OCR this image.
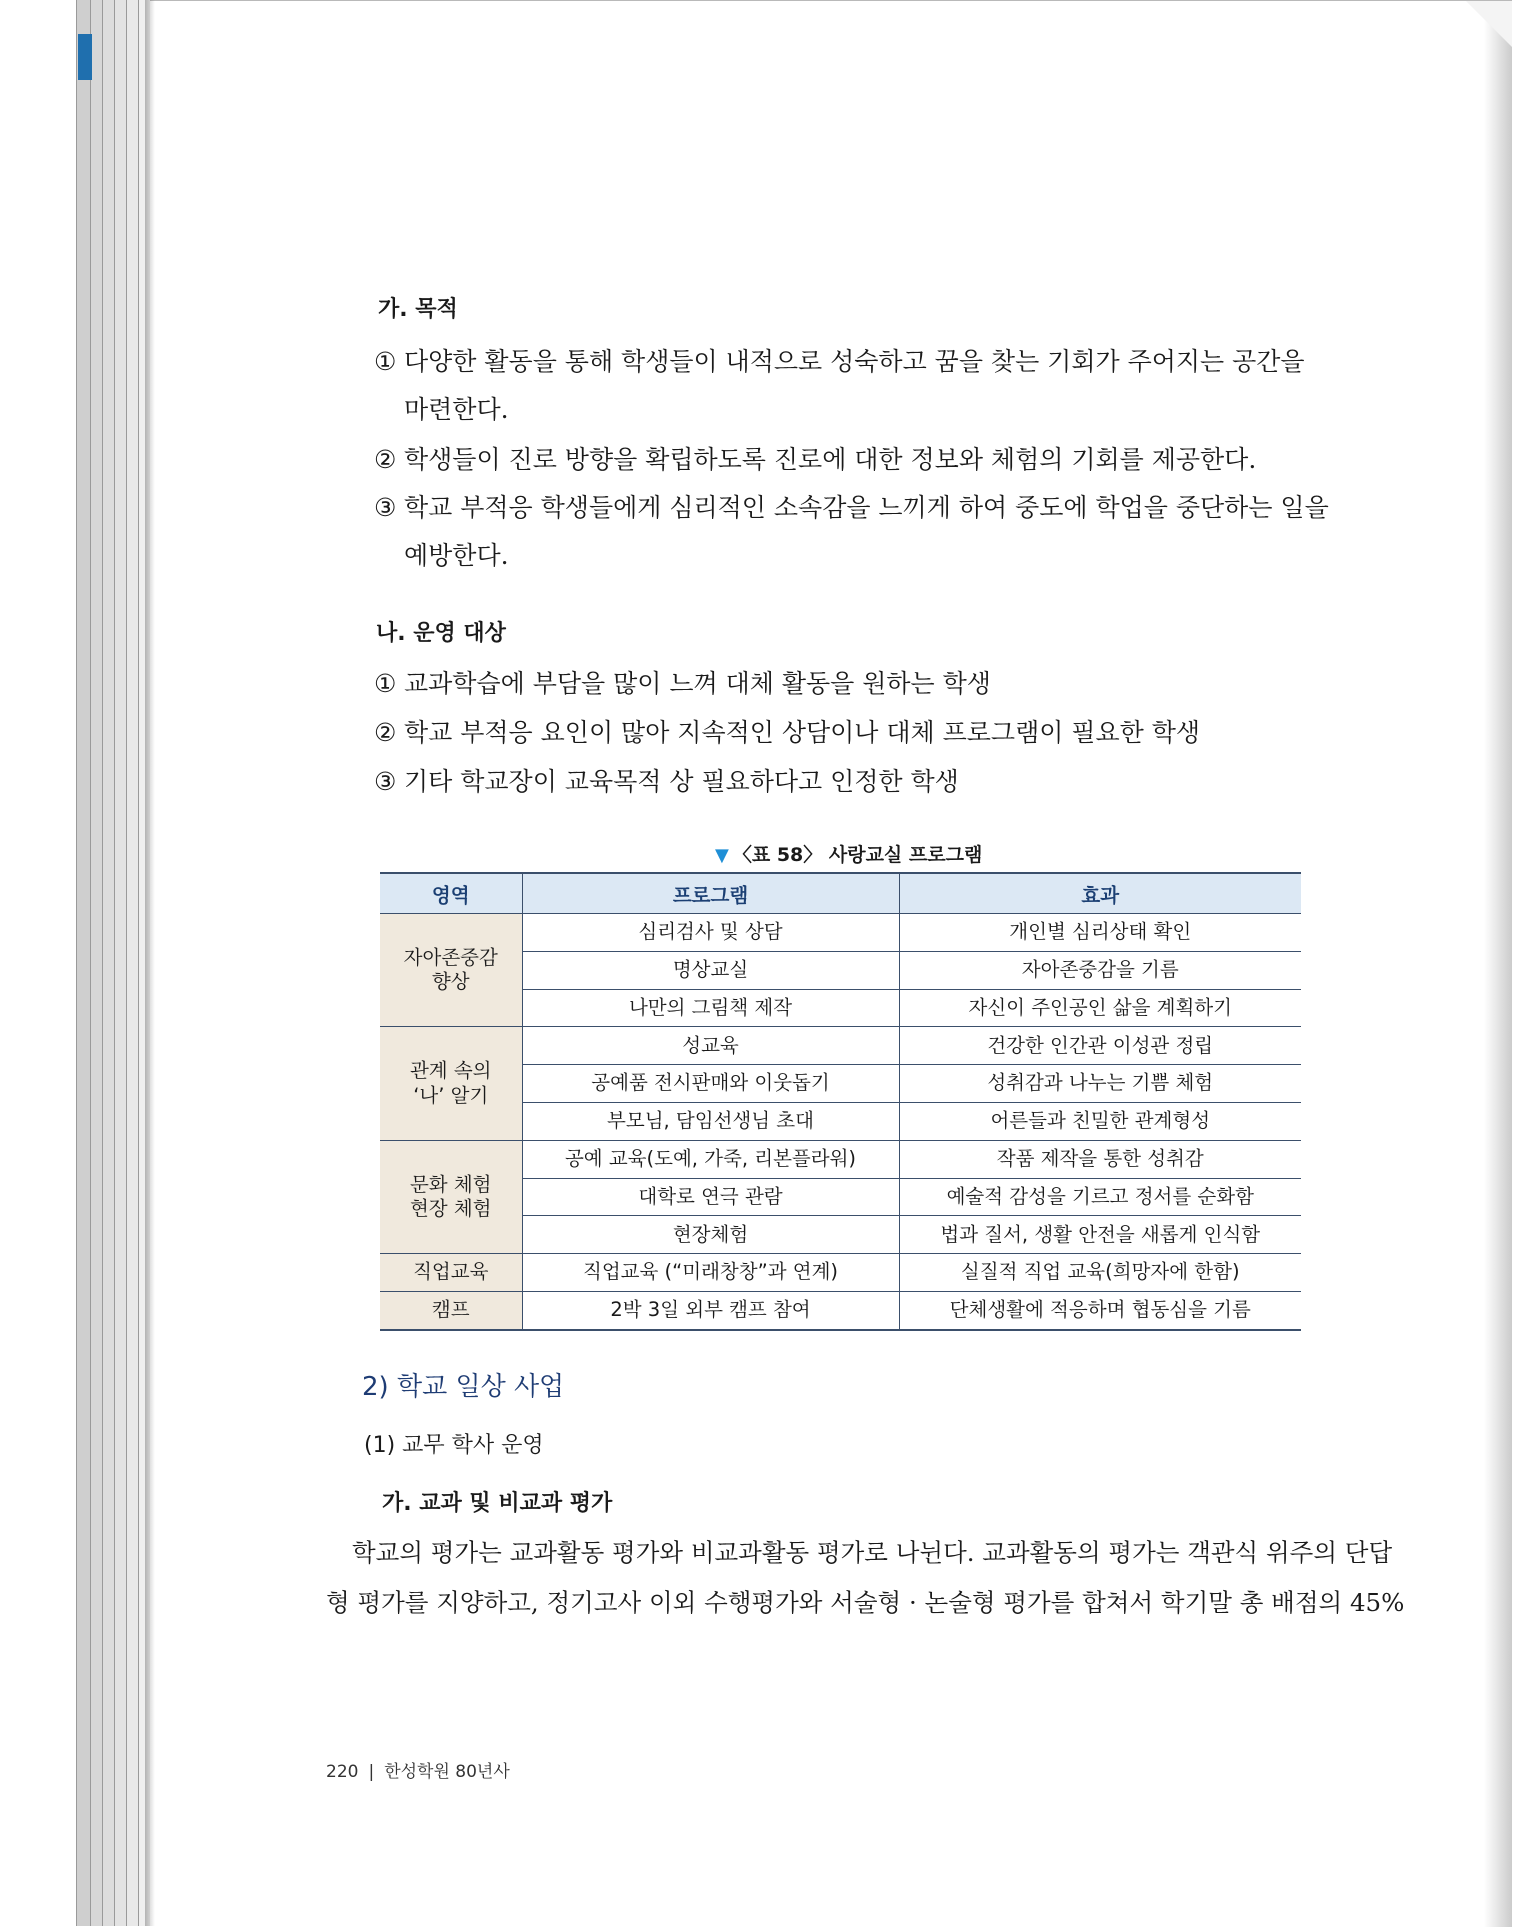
가. 목적
① 다양한 활동을 통해 학생들이 내적으로 성숙하고 꿈을 찾는 기회가 주어지는 공간을
마련한다.
② 학생들이 진로 방향을 확립하도록 진로에 대한 정보와 체험의 기회를 제공한다.
③ 학교 부적응 학생들에게 심리적인 소속감을 느끼게 하여 중도에 학업을 중단하는 일을
예방한다.
나. 운영 대상
① 교과학습에 부담을 많이 느껴 대체 활동을 원하는 학생
② 학교 부적응 요인이 많아 지속적인 상담이나 대체 프로그램이 필요한 학생
③ 기타 학교장이 교육목적 상 필요하다고 인정한 학생
▼ 〈표 58〉 사랑교실 프로그램
영역	프로그램	효과
자아존중감
향상	심리검사 및 상담	개인별 심리상태 확인
	명상교실	자아존중감을 기름
	나만의 그림책 제작	자신이 주인공인 삶을 계획하기
관계 속의
‘나’ 알기	성교육	건강한 인간관 이성관 정립
	공예품 전시판매와 이웃돕기	성취감과 나누는 기쁨 체험
	부모님, 담임선생님 초대	어른들과 친밀한 관계형성
문화 체험
현장 체험	공예 교육(도예, 가죽, 리본플라워)	작품 제작을 통한 성취감
	대학로 연극 관람	예술적 감성을 기르고 정서를 순화함
	현장체험	법과 질서, 생활 안전을 새롭게 인식함
직업교육	직업교육 (“미래창창”과 연계)	실질적 직업 교육(희망자에 한함)
캠프	2박 3일 외부 캠프 참여	단체생활에 적응하며 협동심을 기름
2) 학교 일상 사업
(1) 교무 학사 운영
가. 교과 및 비교과 평가
학교의 평가는 교과활동 평가와 비교과활동 평가로 나뉜다. 교과활동의 평가는 객관식 위주의 단답
형 평가를 지양하고, 정기고사 이외 수행평가와 서술형 · 논술형 평가를 합쳐서 학기말 총 배점의 45%
220 | 한성학원 80년사
